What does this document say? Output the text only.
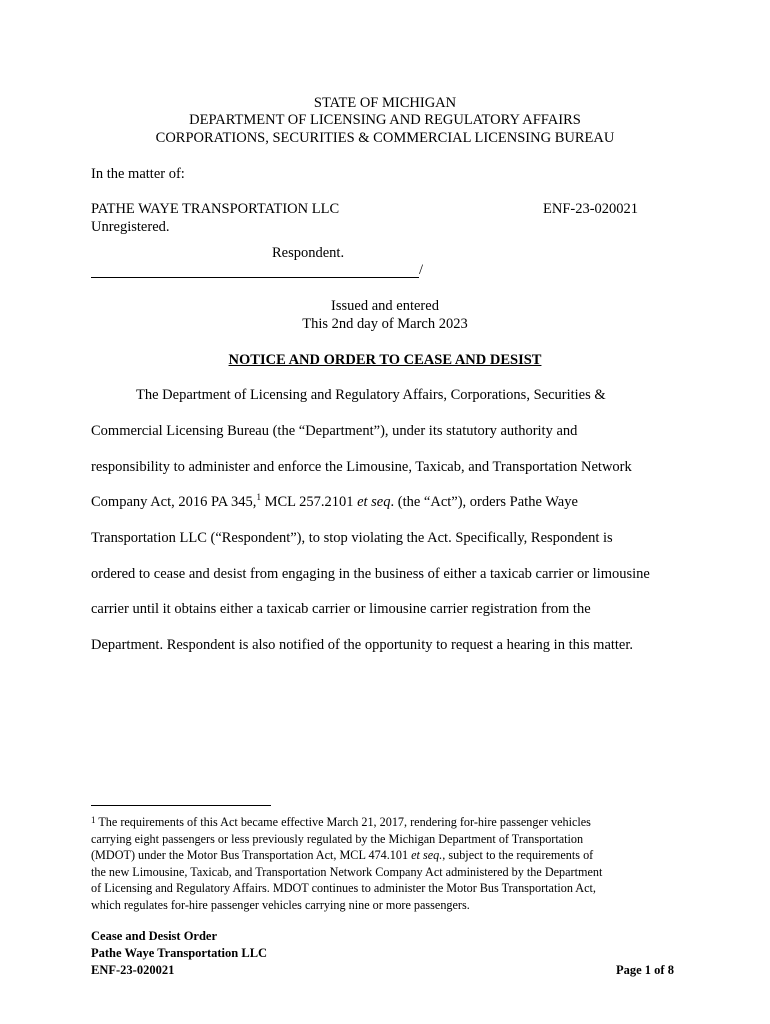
STATE OF MICHIGAN
DEPARTMENT OF LICENSING AND REGULATORY AFFAIRS
CORPORATIONS, SECURITIES & COMMERCIAL LICENSING BUREAU
In the matter of:
PATHE WAYE TRANSPORTATION LLC	ENF-23-020021
Unregistered.
Respondent.
/
Issued and entered
This 2nd day of March 2023
NOTICE AND ORDER TO CEASE AND DESIST
The Department of Licensing and Regulatory Affairs, Corporations, Securities &
Commercial Licensing Bureau (the “Department”), under its statutory authority and
responsibility to administer and enforce the Limousine, Taxicab, and Transportation Network
Company Act, 2016 PA 345,$^1$ MCL 257.2101 et seq. (the “Act”), orders Pathe Waye
Transportation LLC (“Respondent”), to stop violating the Act. Specifically, Respondent is
ordered to cease and desist from engaging in the business of either a taxicab carrier or limousine
carrier until it obtains either a taxicab carrier or limousine carrier registration from the
Department. Respondent is also notified of the opportunity to request a hearing in this matter.
$^1$ The requirements of this Act became effective March 21, 2017, rendering for-hire passenger vehicles
carrying eight passengers or less previously regulated by the Michigan Department of Transportation
(MDOT) under the Motor Bus Transportation Act, MCL 474.101 et seq., subject to the requirements of
the new Limousine, Taxicab, and Transportation Network Company Act administered by the Department
of Licensing and Regulatory Affairs. MDOT continues to administer the Motor Bus Transportation Act,
which regulates for-hire passenger vehicles carrying nine or more passengers.
Cease and Desist Order
Pathe Waye Transportation LLC
ENF-23-020021	Page 1 of 8
